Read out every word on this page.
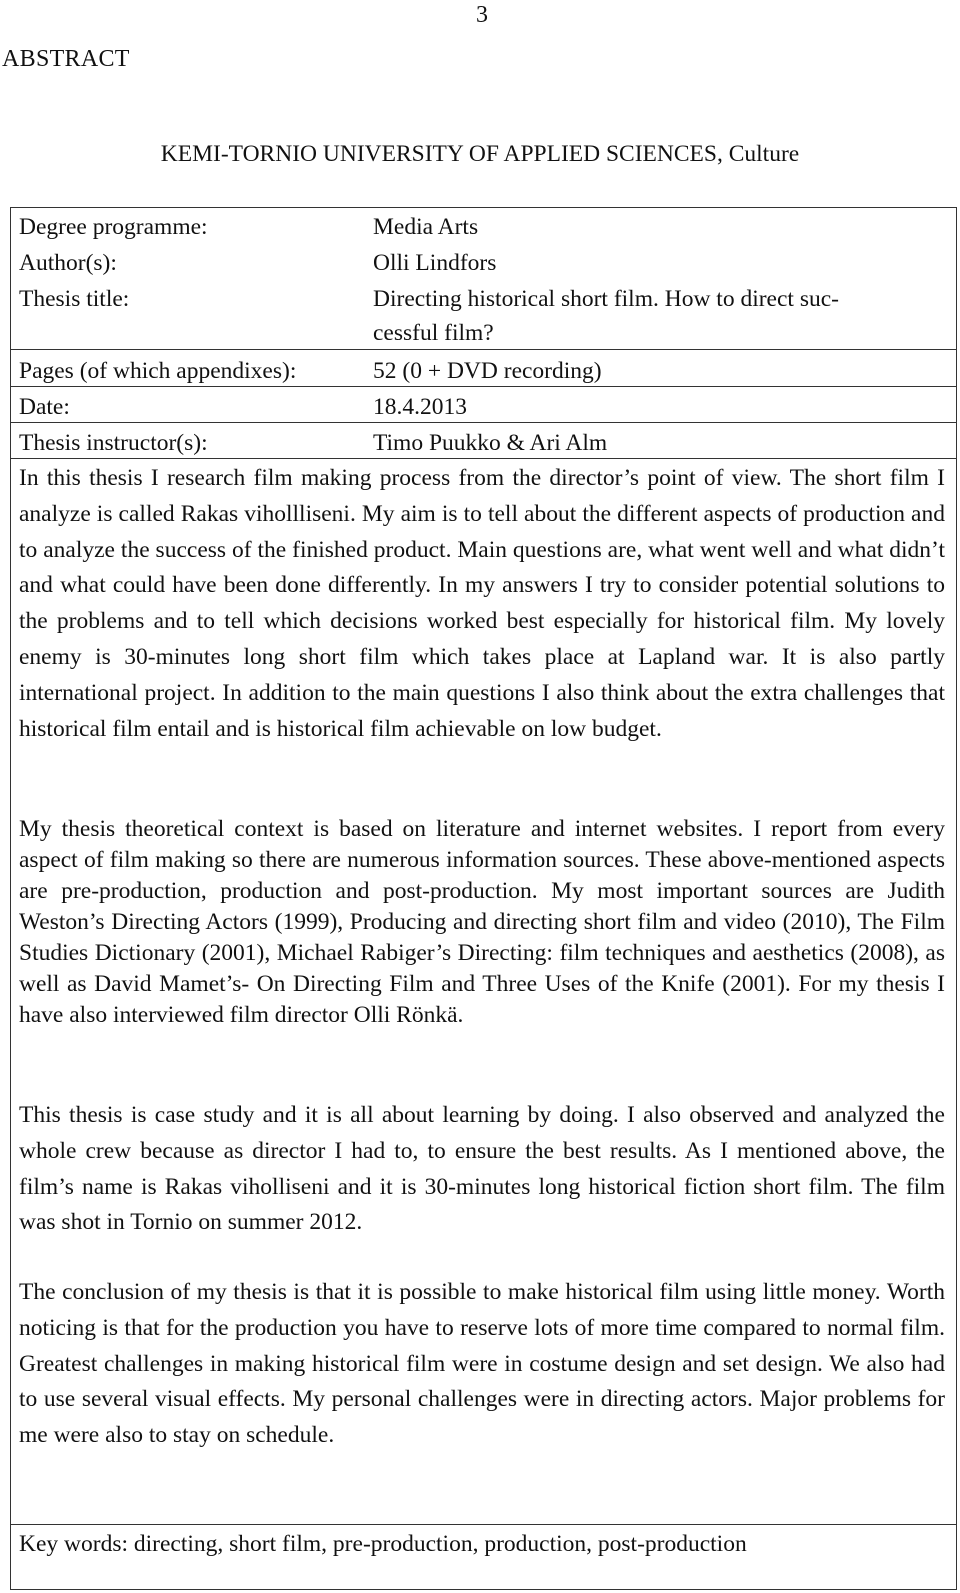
3
ABSTRACT
KEMI-TORNIO UNIVERSITY OF APPLIED SCIENCES, Culture
Degree programme:	Media Arts
Author(s):	Olli Lindfors
Thesis title:	Directing historical short film. How to direct suc-
cessful film?
Pages (of which appendixes):	52 (0 + DVD recording)
Date:	18.4.2013
Thesis instructor(s):	Timo Puukko & Ari Alm

In this thesis I research film making process from the director’s point of view. The short film I analyze is called Rakas vihollliseni. My aim is to tell about the different aspects of production and to analyze the success of the finished product. Main questions are, what went well and what didn’t and what could have been done differently. In my answers I try to consider potential solutions to the problems and to tell which decisions worked best especially for historical film. My lovely enemy is 30-minutes long short film which takes place at Lapland war. It is also partly international project. In addition to the main questions I also think about the extra challenges that historical film entail and is historical film achievable on low budget.

My thesis theoretical context is based on literature and internet websites. I report from every aspect of film making so there are numerous information sources. These above-mentioned aspects are pre-production, production and post-production. My most important sources are Judith Weston’s Directing Actors (1999), Producing and directing short film and video (2010), The Film Studies Dictionary (2001), Michael Rabiger’s Directing: film techniques and aesthetics (2008), as well as David Mamet’s- On Directing Film and Three Uses of the Knife (2001). For my thesis I have also interviewed film director Olli Rönkä.

This thesis is case study and it is all about learning by doing. I also observed and analyzed the whole crew because as director I had to, to ensure the best results. As I mentioned above, the film’s name is Rakas viholliseni and it is 30-minutes long historical fiction short film. The film was shot in Tornio on summer 2012.

The conclusion of my thesis is that it is possible to make historical film using little money. Worth noticing is that for the production you have to reserve lots of more time compared to normal film. Greatest challenges in making historical film were in costume design and set design. We also had to use several visual effects. My personal challenges were in directing actors. Major problems for me were also to stay on schedule.

Key words: directing, short film, pre-production, production, post-production
